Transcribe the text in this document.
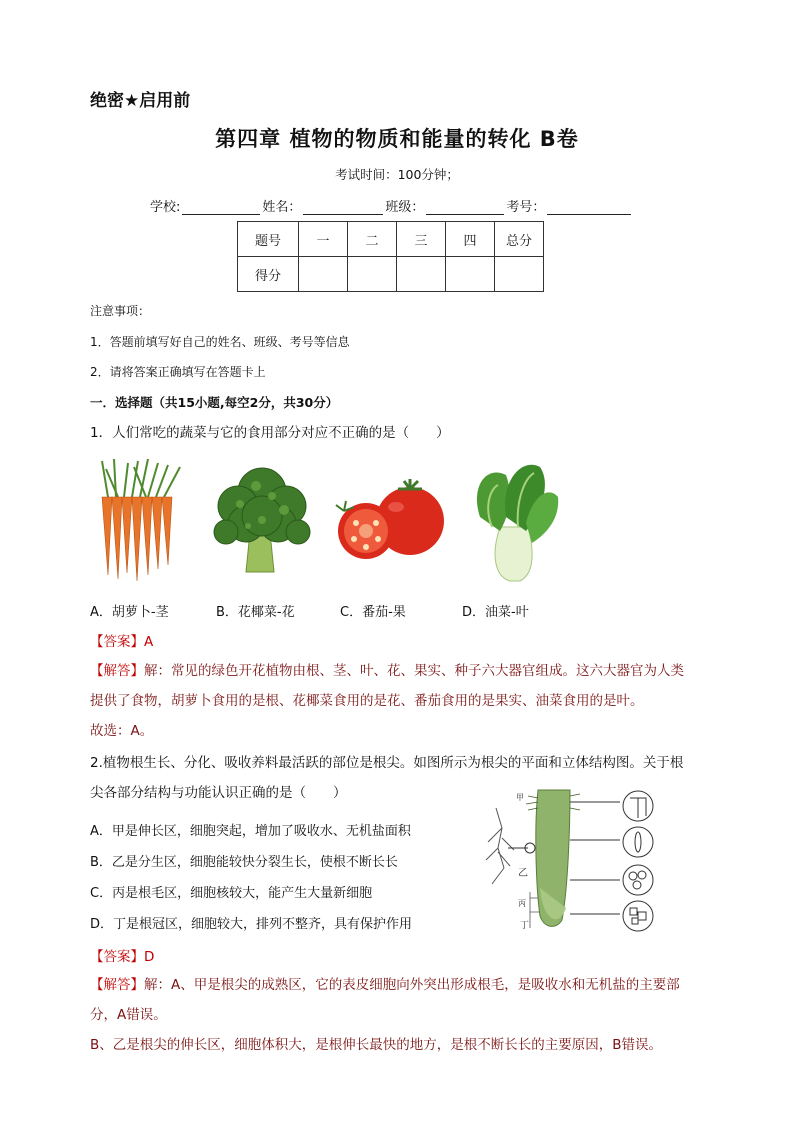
绝密★启用前
第四章 植物的物质和能量的转化 B卷
考试时间：100分钟；
学校:	姓名：	班级：	考号：
题号	一	二	三	四	总分
得分					
注意事项：
1．答题前填写好自己的姓名、班级、考号等信息
2．请将答案正确填写在答题卡上
一．选择题（共15小题,每空2分，共30分）
1．人们常吃的蔬菜与它的食用部分对应不正确的是（　　）
A．胡萝卜-茎	B．花椰菜-花	C．番茄-果	D．油菜-叶
【答案】A
【解答】解：常见的绿色开花植物由根、茎、叶、花、果实、种子六大器官组成。这六大器官为人类
提供了食物，胡萝卜食用的是根、花椰菜食用的是花、番茄食用的是果实、油菜食用的是叶。
故选：A。
2.植物根生长、分化、吸收养料最活跃的部位是根尖。如图所示为根尖的平面和立体结构图。关于根
尖各部分结构与功能认识正确的是（　　）
A．甲是伸长区，细胞突起，增加了吸收水、无机盐面积
B．乙是分生区，细胞能较快分裂生长，使根不断长长
C．丙是根毛区，细胞核较大，能产生大量新细胞
D．丁是根冠区，细胞较大，排列不整齐，具有保护作用
甲
乙
丙
丁
【答案】D
【解答】解：A、甲是根尖的成熟区，它的表皮细胞向外突出形成根毛，是吸收水和无机盐的主要部
分，A错误。
B、乙是根尖的伸长区，细胞体积大，是根伸长最快的地方，是根不断长长的主要原因，B错误。
